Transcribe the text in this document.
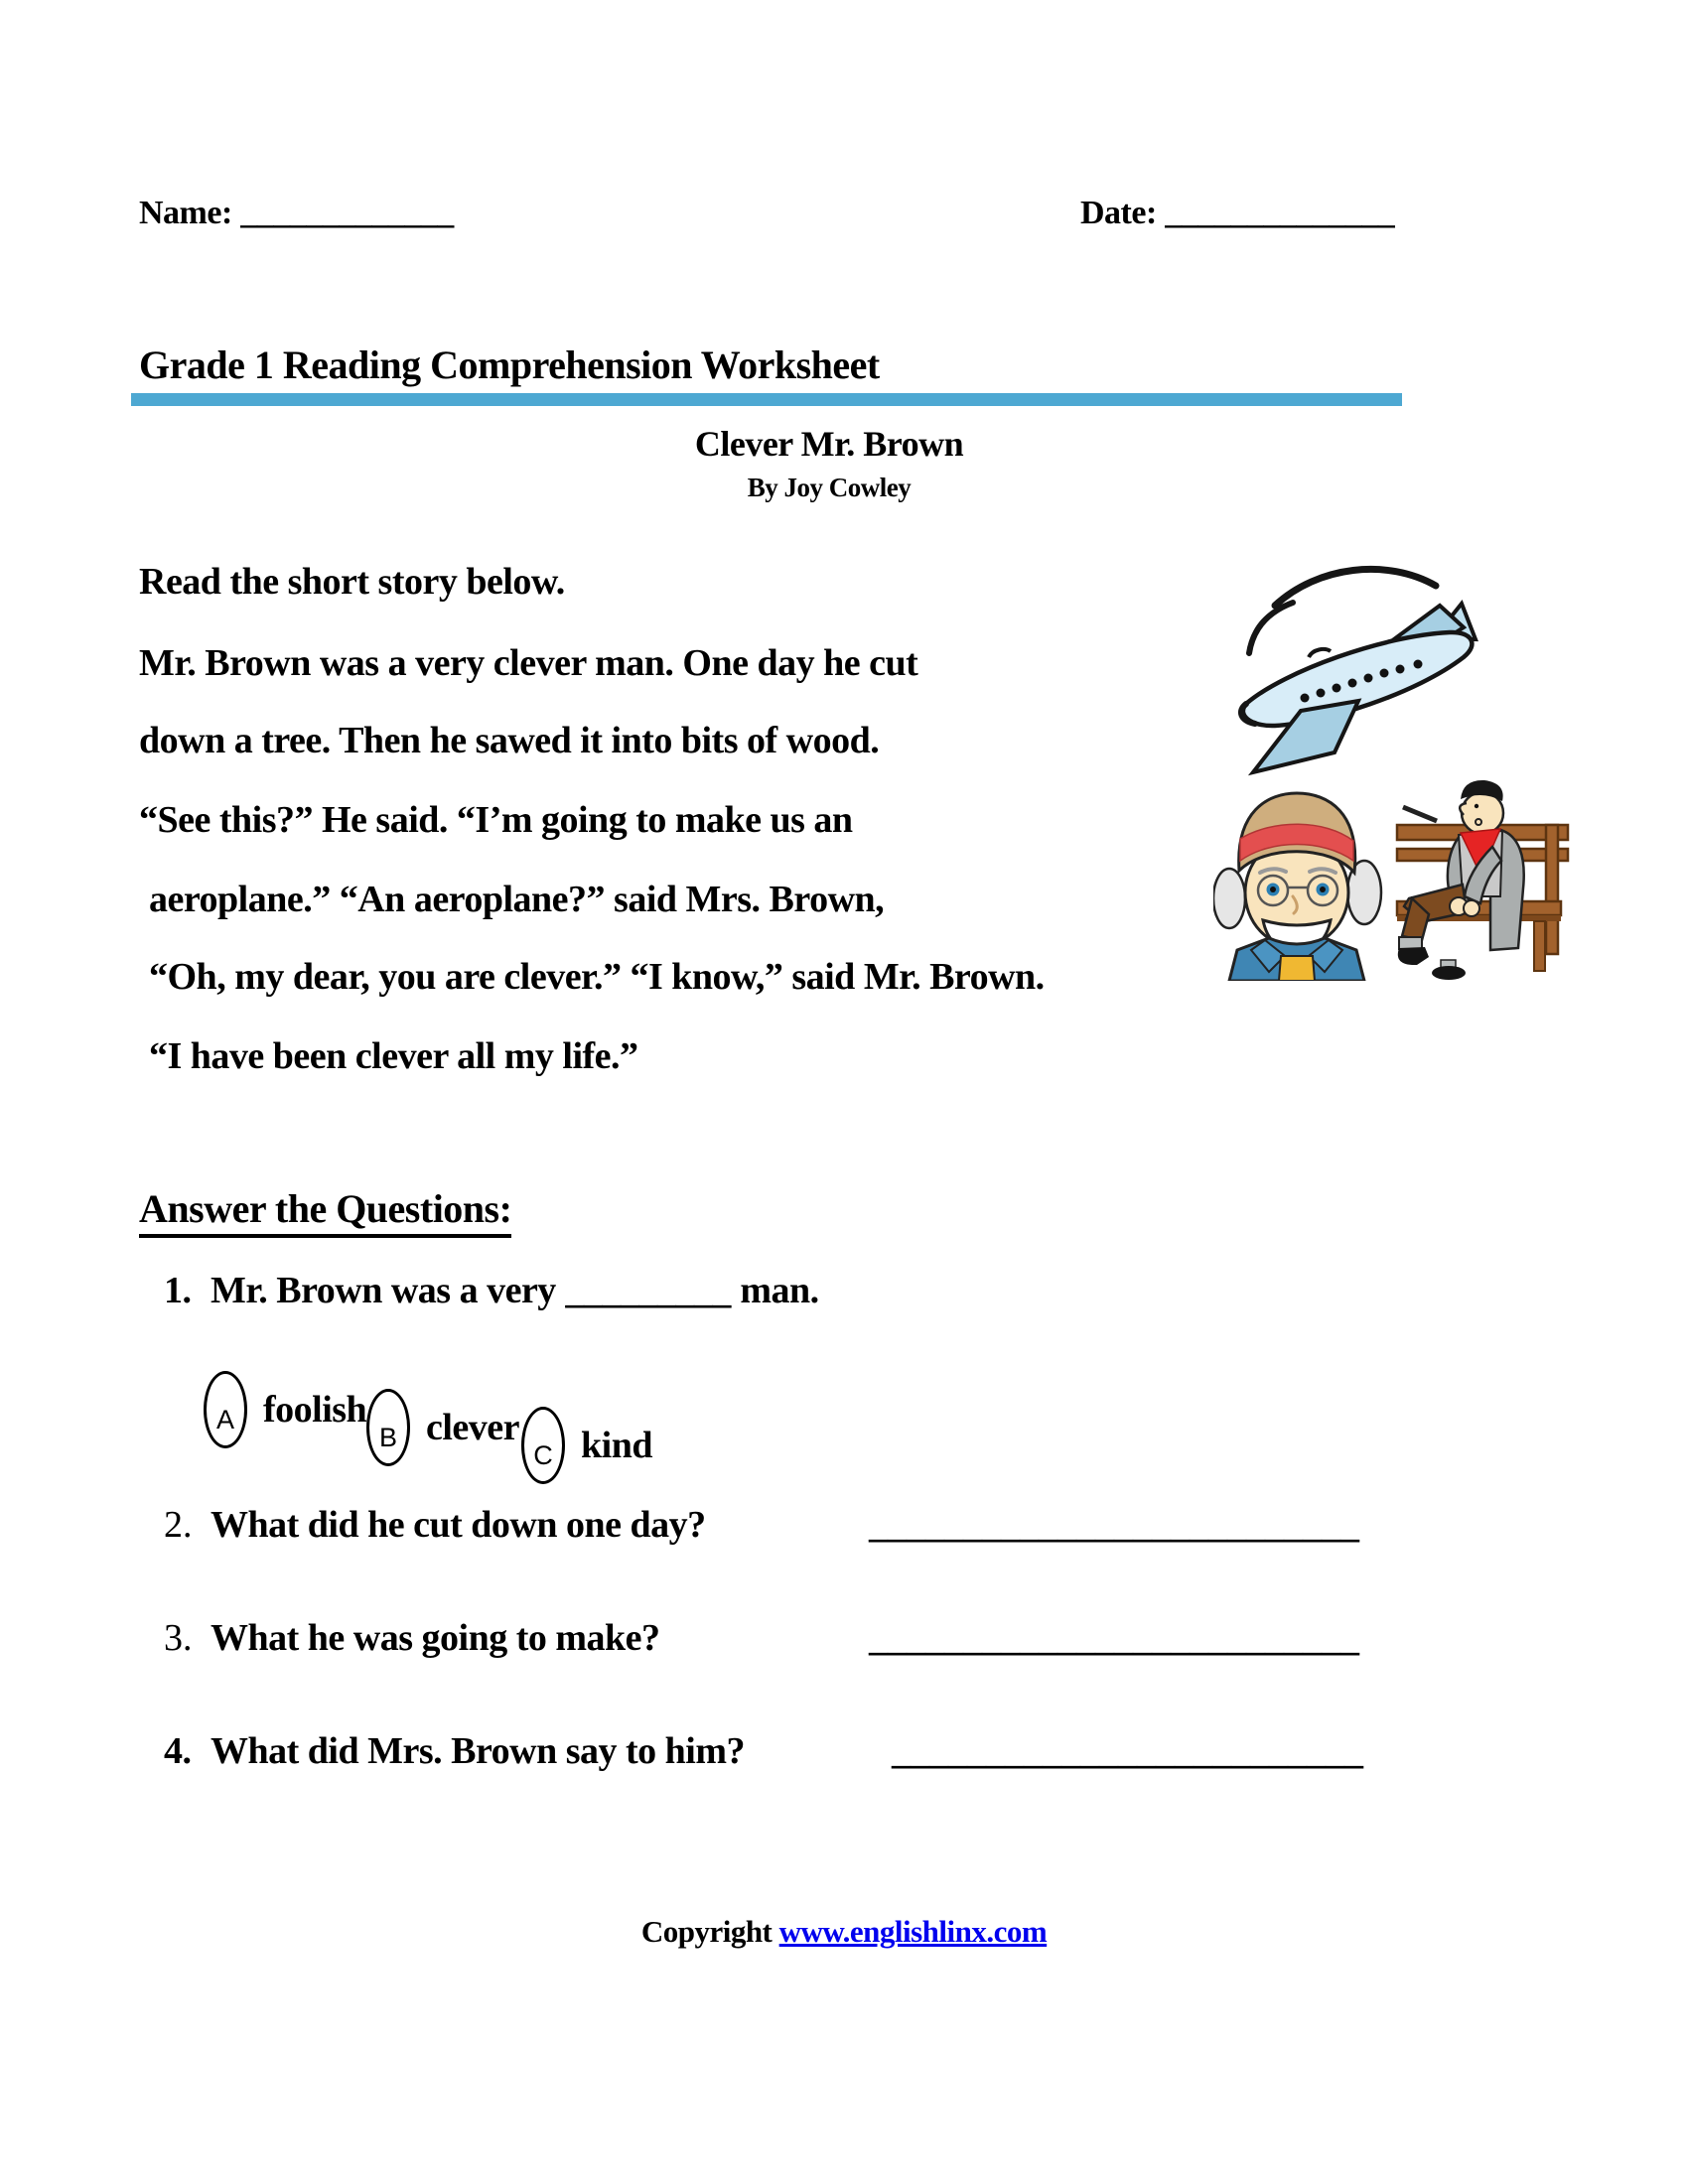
Name: _____________	Date: ______________
Grade 1 Reading Comprehension Worksheet
Clever Mr. Brown
By Joy Cowley
Read the short story below.
Mr. Brown was a very clever man. One day he cut
down a tree. Then he sawed it into bits of wood.
“See this?” He said. “I’m going to make us an
aeroplane.” “An aeroplane?” said Mrs. Brown,
“Oh, my dear, you are clever.” “I know,” said Mr. Brown.
“I have been clever all my life.”
Answer the Questions:

1.

Mr. Brown was a very _________ man.

A foolish

B clever

C kind

2.

What did he cut down one day?

	__________________________

3.

What he was going to make?

	__________________________

4.

What did Mrs. Brown say to him?

	_________________________

Copyright www.englishlinx.com
